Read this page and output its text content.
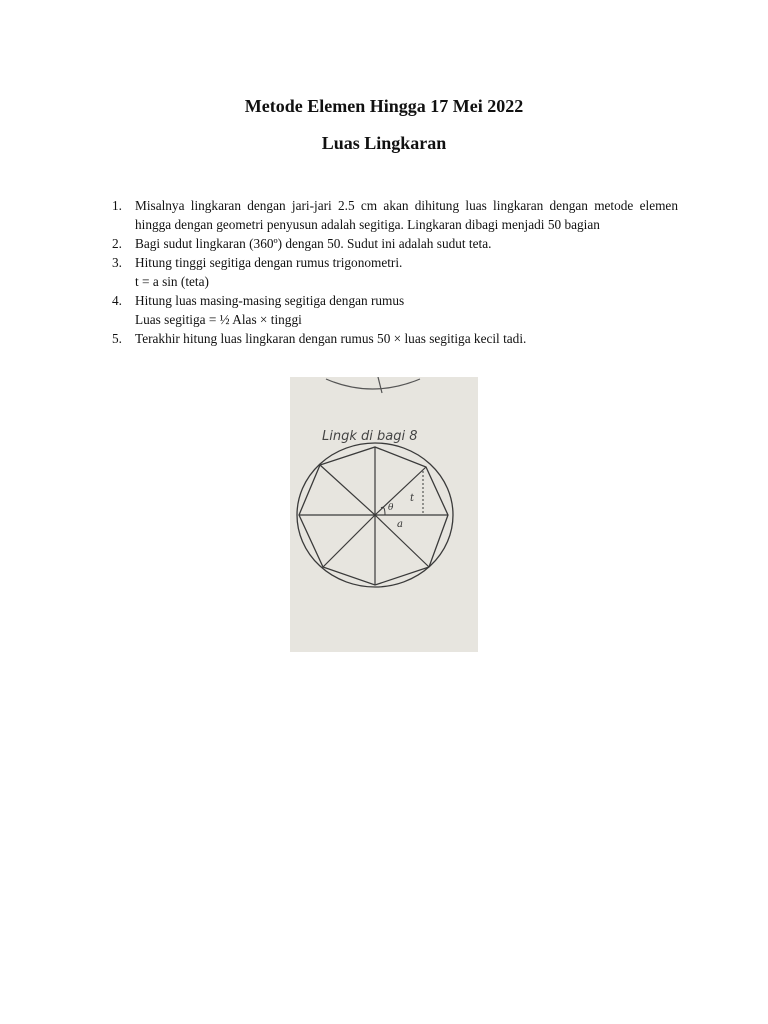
Metode Elemen Hingga 17 Mei 2022
Luas Lingkaran
1. Misalnya lingkaran dengan jari-jari 2.5 cm akan dihitung luas lingkaran dengan metode elemen hingga dengan geometri penyusun adalah segitiga. Lingkaran dibagi menjadi 50 bagian
2. Bagi sudut lingkaran (360º) dengan 50. Sudut ini adalah sudut teta.
3. Hitung tinggi segitiga dengan rumus trigonometri.
t = a sin (teta)
4. Hitung luas masing-masing segitiga dengan rumus
Luas segitiga = ½ Alas × tinggi
5. Terakhir hitung luas lingkaran dengan rumus 50 × luas segitiga kecil tadi.
Lingk di bagi 8
θ
t
a
